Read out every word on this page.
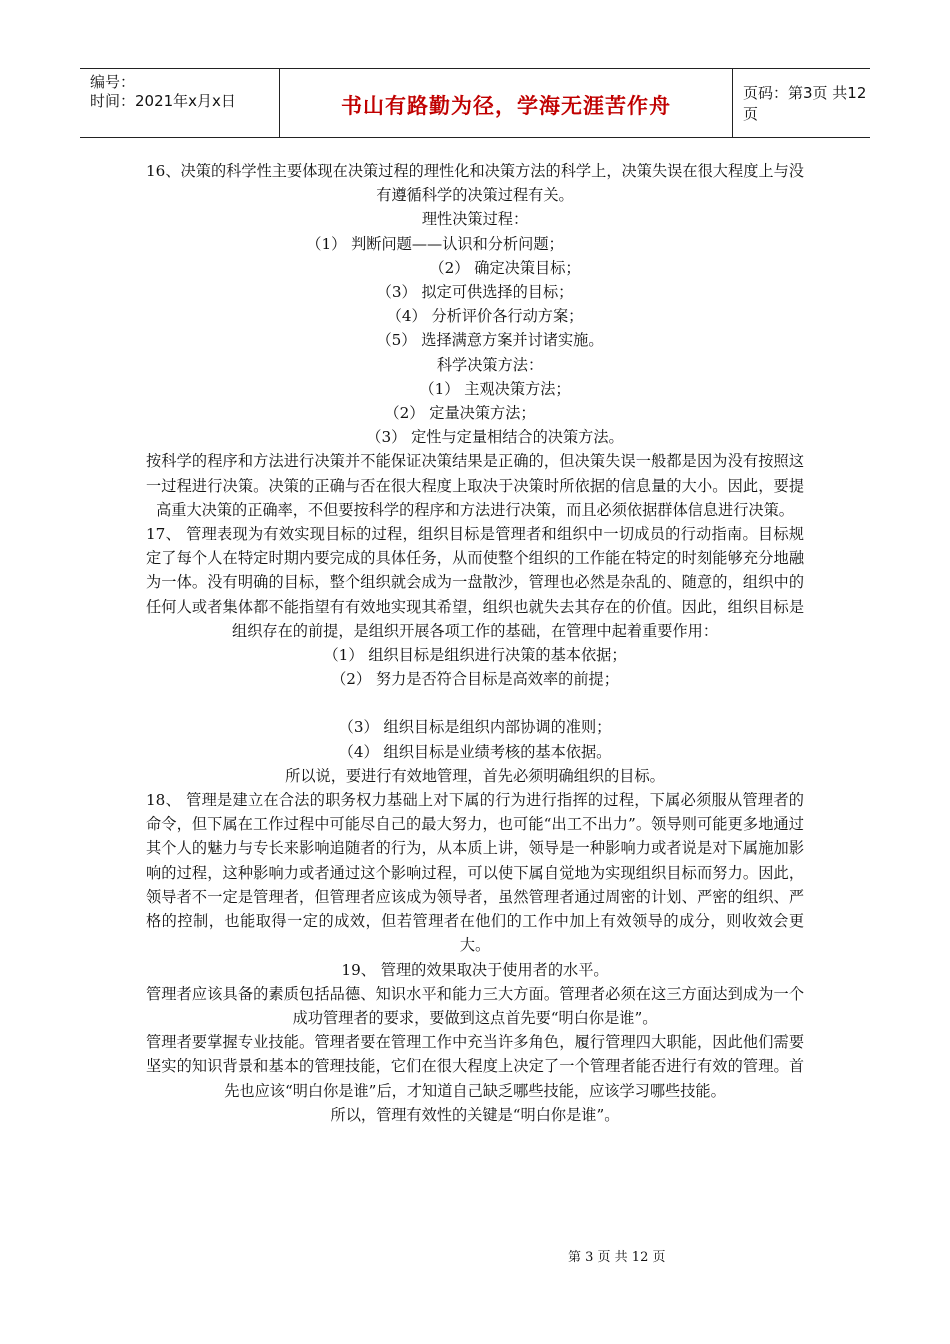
编号：
时间：2021年x月x日	书山有路勤为径，学海无涯苦作舟
页码：第3页 共12页

16、决策的科学性主要体现在决策过程的理性化和决策方法的科学上，决策失误在很大程度上与没有遵循科学的决策过程有关。

理性决策过程：
（1） 判断问题——认识和分析问题；
（2） 确定决策目标；
（3） 拟定可供选择的目标；
（4） 分析评价各行动方案；
（5） 选择满意方案并讨诸实施。
科学决策方法：
（1） 主观决策方法；
（2） 定量决策方法；
（3） 定性与定量相结合的决策方法。

按科学的程序和方法进行决策并不能保证决策结果是正确的，但决策失误一般都是因为没有按照这一过程进行决策。决策的正确与否在很大程度上取决于决策时所依据的信息量的大小。因此，要提高重大决策的正确率，不但要按科学的程序和方法进行决策，而且必须依据群体信息进行决策。

17、 管理表现为有效实现目标的过程，组织目标是管理者和组织中一切成员的行动指南。目标规定了每个人在特定时期内要完成的具体任务，从而使整个组织的工作能在特定的时刻能够充分地融为一体。没有明确的目标，整个组织就会成为一盘散沙，管理也必然是杂乱的、随意的，组织中的任何人或者集体都不能指望有有效地实现其希望，组织也就失去其存在的价值。因此，组织目标是组织存在的前提，是组织开展各项工作的基础，在管理中起着重要作用：

（1） 组织目标是组织进行决策的基本依据；
（2） 努力是否符合目标是高效率的前提；
（3） 组织目标是组织内部协调的准则；
（4） 组织目标是业绩考核的基本依据。
所以说，要进行有效地管理，首先必须明确组织的目标。

18、 管理是建立在合法的职务权力基础上对下属的行为进行指挥的过程，下属必须服从管理者的命令，但下属在工作过程中可能尽自己的最大努力，也可能“出工不出力”。领导则可能更多地通过其个人的魅力与专长来影响追随者的行为，从本质上讲，领导是一种影响力或者说是对下属施加影响的过程，这种影响力或者通过这个影响过程，可以使下属自觉地为实现组织目标而努力。因此，领导者不一定是管理者，但管理者应该成为领导者，虽然管理者通过周密的计划、严密的组织、严格的控制，也能取得一定的成效，但若管理者在他们的工作中加上有效领导的成分，则收效会更大。

19、 管理的效果取决于使用者的水平。

管理者应该具备的素质包括品德、知识水平和能力三大方面。管理者必须在这三方面达到成为一个成功管理者的要求，要做到这点首先要“明白你是谁”。

管理者要掌握专业技能。管理者要在管理工作中充当许多角色，履行管理四大职能，因此他们需要坚实的知识背景和基本的管理技能，它们在很大程度上决定了一个管理者能否进行有效的管理。首先也应该“明白你是谁”后，才知道自己缺乏哪些技能，应该学习哪些技能。

所以，管理有效性的关键是“明白你是谁”。
第 3 页 共 12 页
